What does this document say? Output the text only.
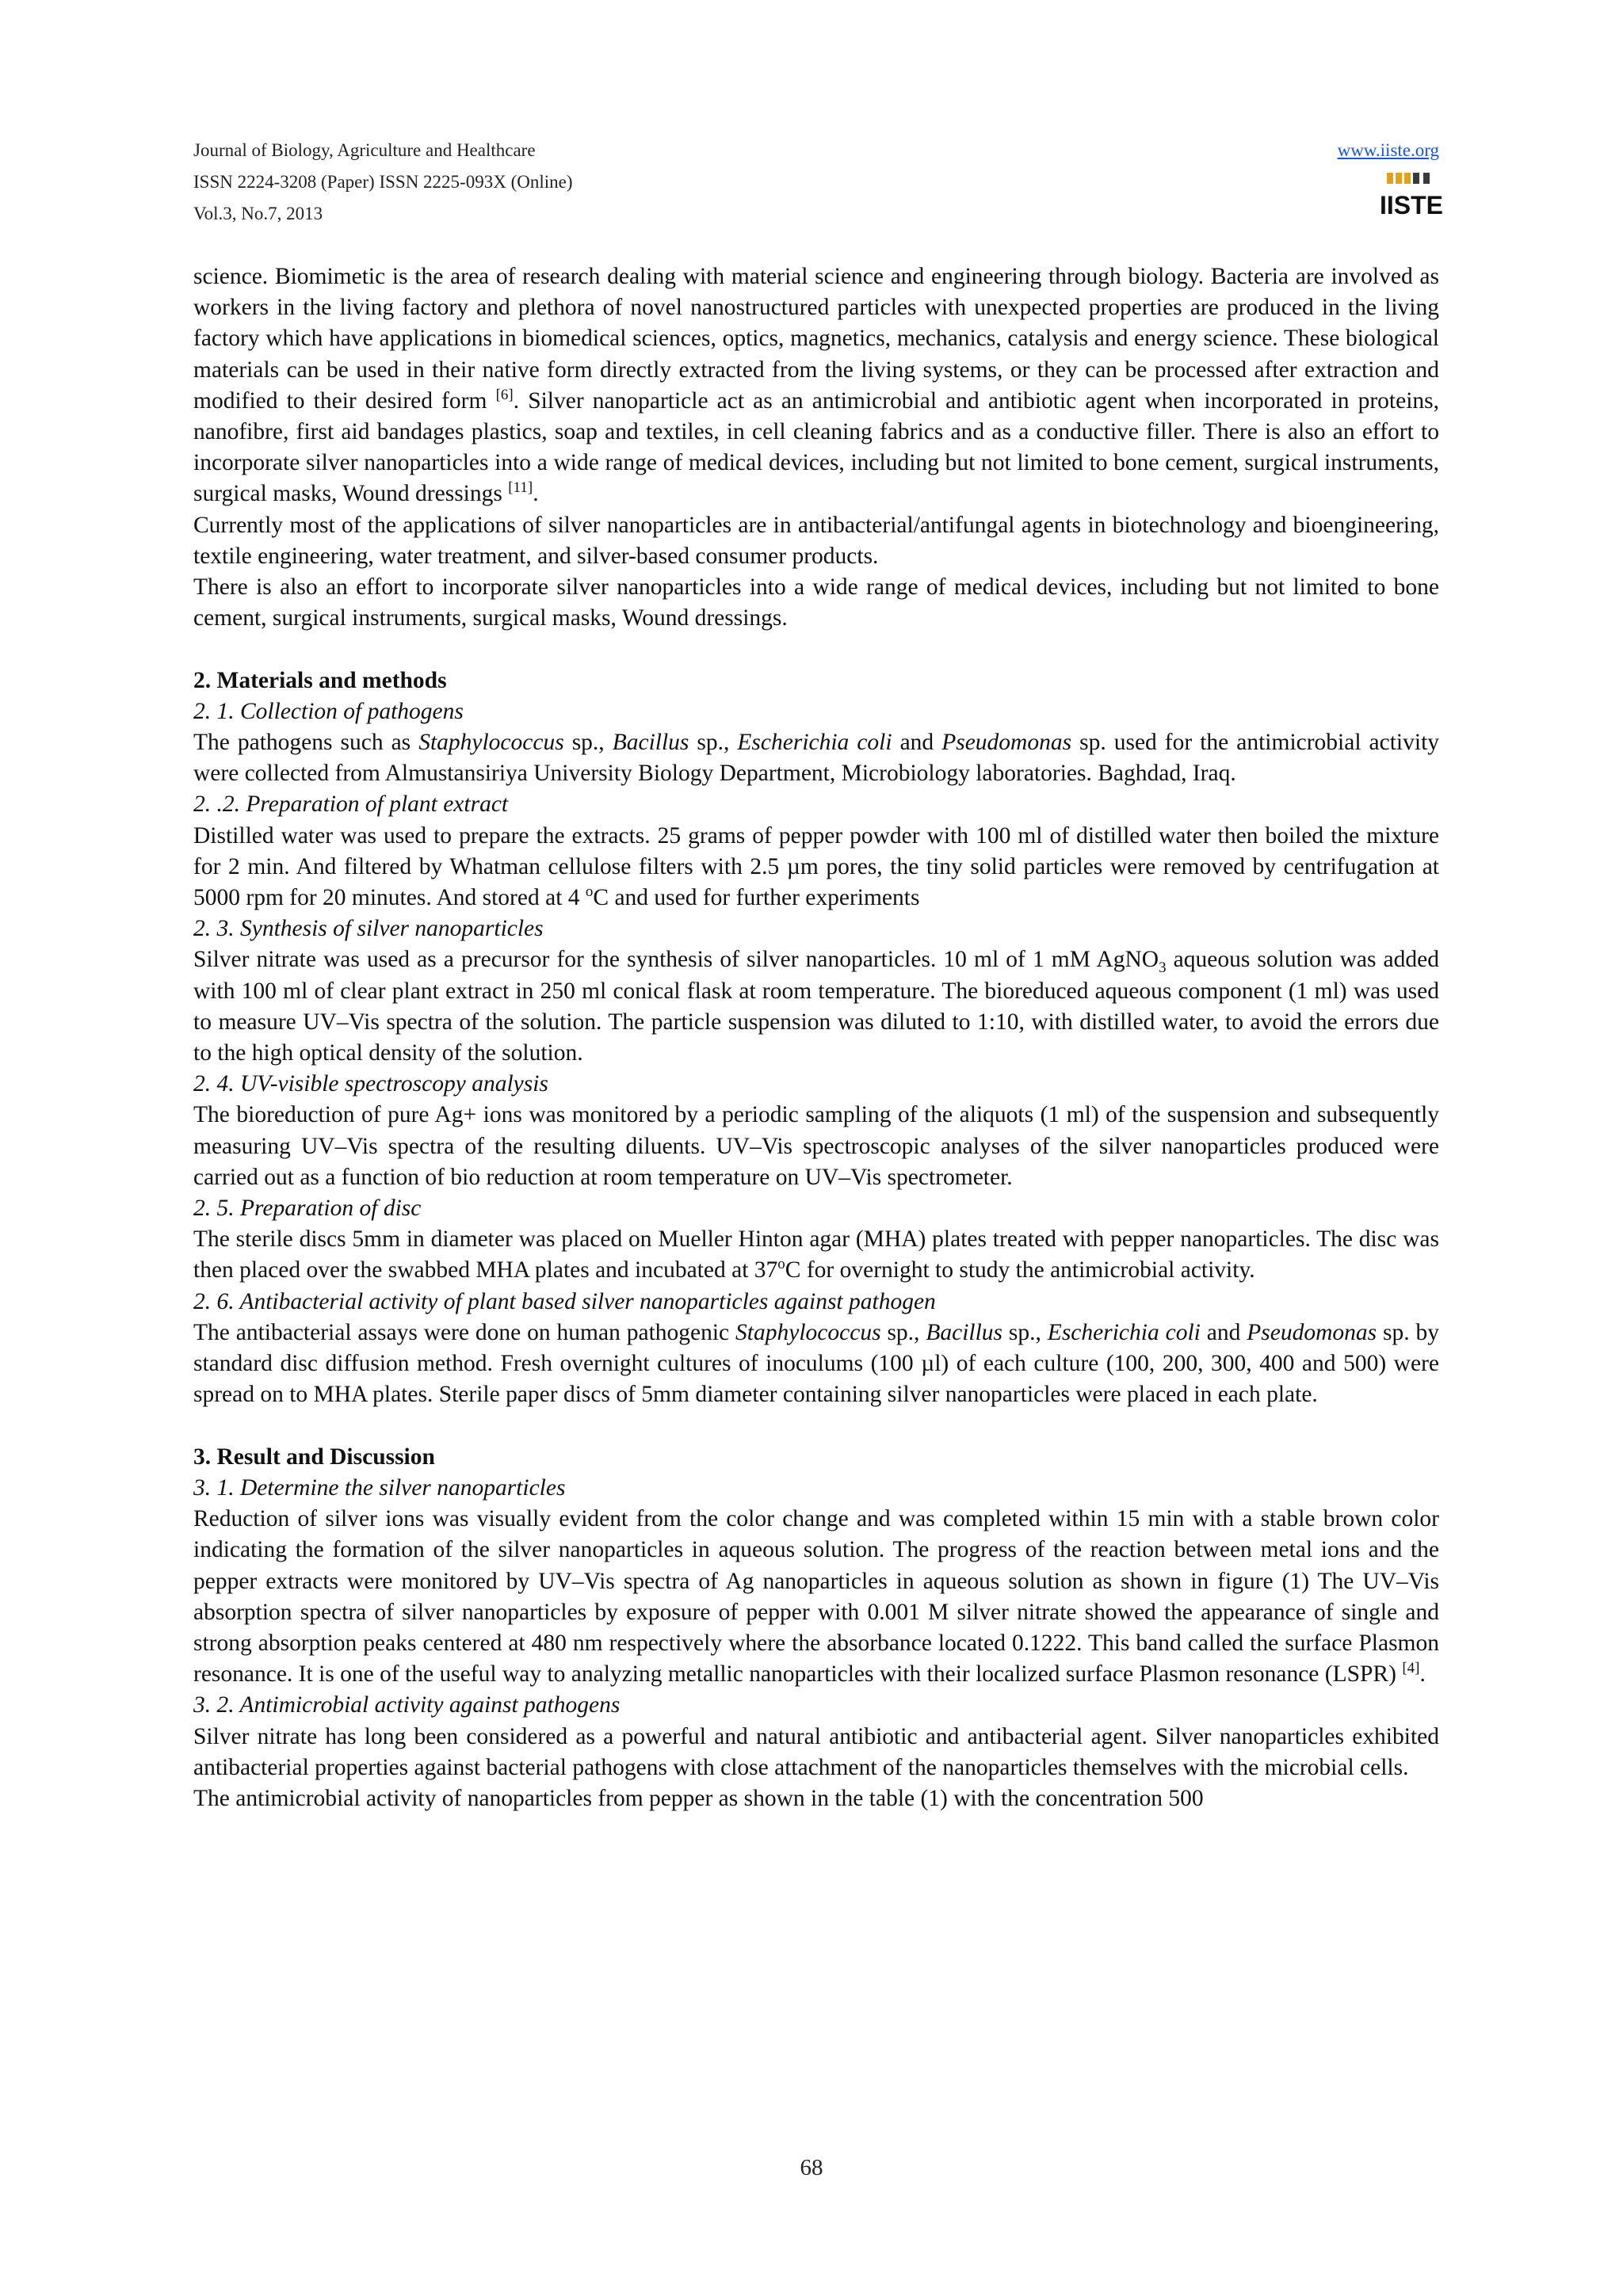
Journal of Biology, Agriculture and Healthcare
ISSN 2224-3208 (Paper) ISSN 2225-093X (Online)
Vol.3, No.7, 2013
www.iiste.org
IISTE

science. Biomimetic is the area of research dealing with material science and engineering through biology. Bacteria are involved as workers in the living factory and plethora of novel nanostructured particles with unexpected properties are produced in the living factory which have applications in biomedical sciences, optics, magnetics, mechanics, catalysis and energy science. These biological materials can be used in their native form directly extracted from the living systems, or they can be processed after extraction and modified to their desired form [6]. Silver nanoparticle act as an antimicrobial and antibiotic agent when incorporated in proteins, nanofibre, first aid bandages plastics, soap and textiles, in cell cleaning fabrics and as a conductive filler. There is also an effort to incorporate silver nanoparticles into a wide range of medical devices, including but not limited to bone cement, surgical instruments, surgical masks, Wound dressings [11].

Currently most of the applications of silver nanoparticles are in antibacterial/antifungal agents in biotechnology and bioengineering, textile engineering, water treatment, and silver-based consumer products.

There is also an effort to incorporate silver nanoparticles into a wide range of medical devices, including but not limited to bone cement, surgical instruments, surgical masks, Wound dressings.

2. Materials and methods
2. 1. Collection of pathogens

The pathogens such as Staphylococcus sp., Bacillus sp., Escherichia coli and Pseudomonas sp. used for the antimicrobial activity were collected from Almustansiriya University Biology Department, Microbiology laboratories. Baghdad, Iraq.

2. .2. Preparation of plant extract

Distilled water was used to prepare the extracts. 25 grams of pepper powder with 100 ml of distilled water then boiled the mixture for 2 min. And filtered by Whatman cellulose filters with 2.5 µm pores, the tiny solid particles were removed by centrifugation at 5000 rpm for 20 minutes. And stored at 4 $^o$C and used for further experiments

2. 3. Synthesis of silver nanoparticles

Silver nitrate was used as a precursor for the synthesis of silver nanoparticles. 10 ml of 1 mM AgNO$_3$ aqueous solution was added with 100 ml of clear plant extract in 250 ml conical flask at room temperature. The bioreduced aqueous component (1 ml) was used to measure UV–Vis spectra of the solution. The particle suspension was diluted to 1:10, with distilled water, to avoid the errors due to the high optical density of the solution.

2. 4. UV-visible spectroscopy analysis

The bioreduction of pure Ag+ ions was monitored by a periodic sampling of the aliquots (1 ml) of the suspension and subsequently measuring UV–Vis spectra of the resulting diluents. UV–Vis spectroscopic analyses of the silver nanoparticles produced were carried out as a function of bio reduction at room temperature on UV–Vis spectrometer.

2. 5. Preparation of disc

The sterile discs 5mm in diameter was placed on Mueller Hinton agar (MHA) plates treated with pepper nanoparticles. The disc was then placed over the swabbed MHA plates and incubated at 37$^o$C for overnight to study the antimicrobial activity.

2. 6. Antibacterial activity of plant based silver nanoparticles against pathogen

The antibacterial assays were done on human pathogenic Staphylococcus sp., Bacillus sp., Escherichia coli and Pseudomonas sp. by standard disc diffusion method. Fresh overnight cultures of inoculums (100 µl) of each culture (100, 200, 300, 400 and 500) were spread on to MHA plates. Sterile paper discs of 5mm diameter containing silver nanoparticles were placed in each plate.

3. Result and Discussion
3. 1. Determine the silver nanoparticles

Reduction of silver ions was visually evident from the color change and was completed within 15 min with a stable brown color indicating the formation of the silver nanoparticles in aqueous solution. The progress of the reaction between metal ions and the pepper extracts were monitored by UV–Vis spectra of Ag nanoparticles in aqueous solution as shown in figure (1) The UV–Vis absorption spectra of silver nanoparticles by exposure of pepper with 0.001 M silver nitrate showed the appearance of single and strong absorption peaks centered at 480 nm respectively where the absorbance located 0.1222. This band called the surface Plasmon resonance. It is one of the useful way to analyzing metallic nanoparticles with their localized surface Plasmon resonance (LSPR) [4].

3. 2. Antimicrobial activity against pathogens

Silver nitrate has long been considered as a powerful and natural antibiotic and antibacterial agent. Silver nanoparticles exhibited antibacterial properties against bacterial pathogens with close attachment of the nanoparticles themselves with the microbial cells.

The antimicrobial activity of nanoparticles from pepper as shown in the table (1) with the concentration 500

68
